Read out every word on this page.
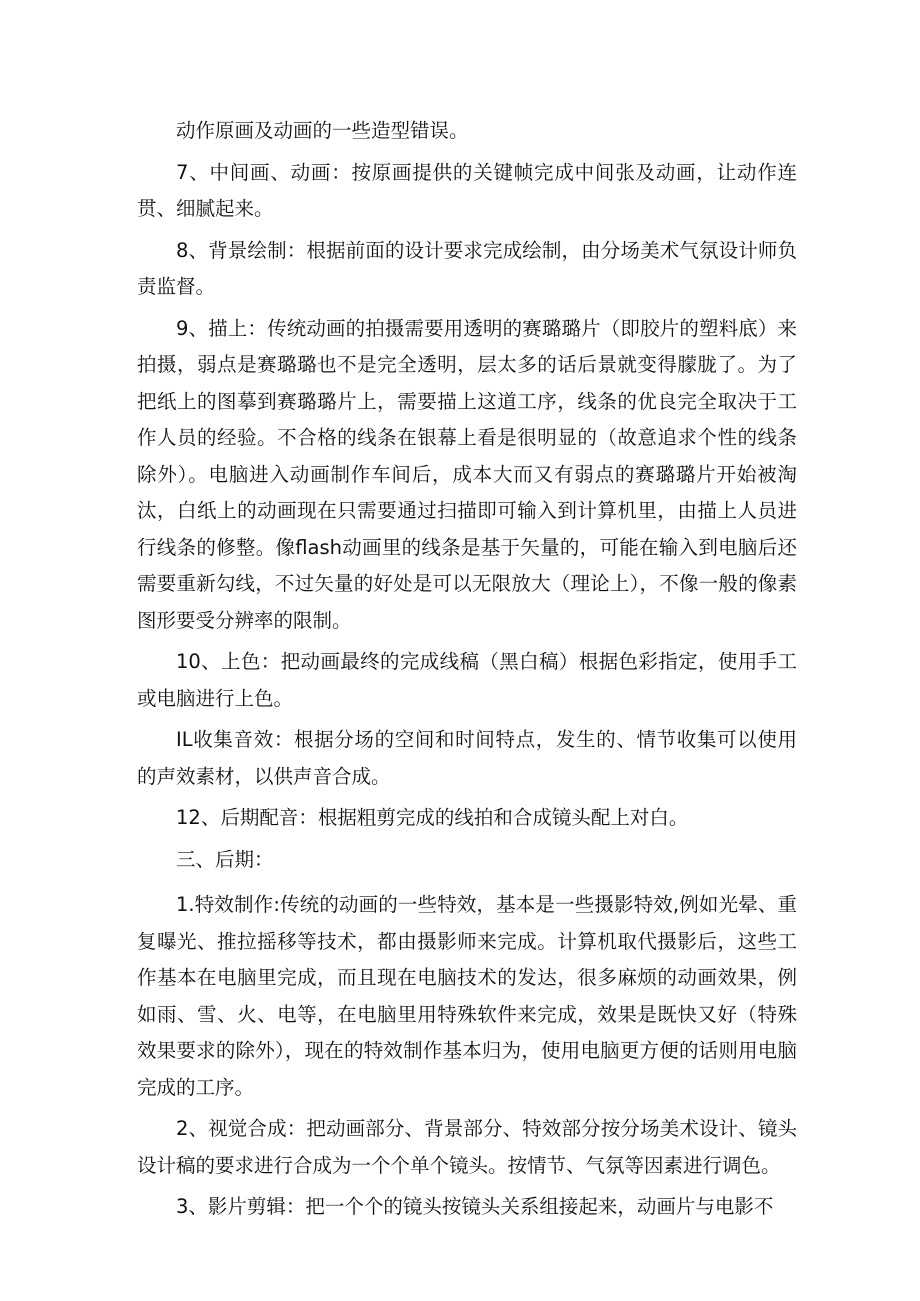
动作原画及动画的一些造型错误。

7、中间画、动画：按原画提供的关键帧完成中间张及动画，让动作连贯、细腻起来。

8、背景绘制：根据前面的设计要求完成绘制，由分场美术气氛设计师负责监督。

9、描上：传统动画的拍摄需要用透明的赛璐璐片（即胶片的塑料底）来拍摄，弱点是赛璐璐也不是完全透明，层太多的话后景就变得朦胧了。为了把纸上的图摹到赛璐璐片上，需要描上这道工序，线条的优良完全取决于工作人员的经验。不合格的线条在银幕上看是很明显的（故意追求个性的线条除外）。电脑进入动画制作车间后，成本大而又有弱点的赛璐璐片开始被淘汰，白纸上的动画现在只需要通过扫描即可输入到计算机里，由描上人员进行线条的修整。像flash动画里的线条是基于矢量的，可能在输入到电脑后还需要重新勾线，不过矢量的好处是可以无限放大（理论上），不像一般的像素图形要受分辨率的限制。

10、上色：把动画最终的完成线稿（黑白稿）根据色彩指定，使用手工或电脑进行上色。

IL收集音效：根据分场的空间和时间特点，发生的、情节收集可以使用的声效素材，以供声音合成。

12、后期配音：根据粗剪完成的线拍和合成镜头配上对白。

三、后期：

1.特效制作:传统的动画的一些特效，基本是一些摄影特效,例如光晕、重复曝光、推拉摇移等技术，都由摄影师来完成。计算机取代摄影后，这些工作基本在电脑里完成，而且现在电脑技术的发达，很多麻烦的动画效果，例如雨、雪、火、电等，在电脑里用特殊软件来完成，效果是既快又好（特殊效果要求的除外），现在的特效制作基本归为，使用电脑更方便的话则用电脑完成的工序。

2、视觉合成：把动画部分、背景部分、特效部分按分场美术设计、镜头设计稿的要求进行合成为一个个单个镜头。按情节、气氛等因素进行调色。

3、影片剪辑：把一个个的镜头按镜头关系组接起来，动画片与电影不
